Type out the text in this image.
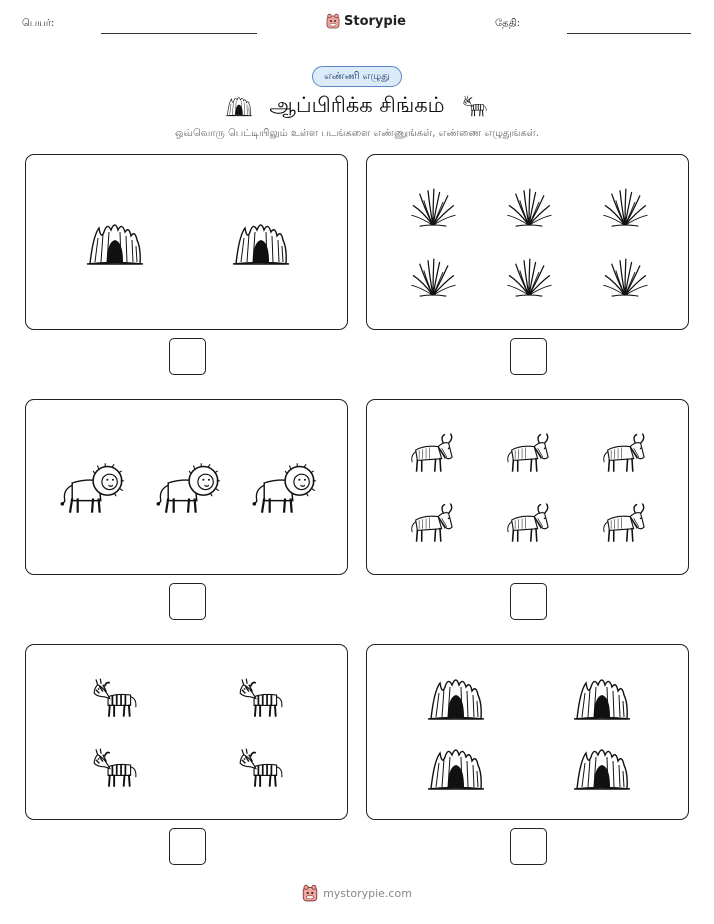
பெயர்:	Storypie	தேதி:
எண்ணி எழுது
ஆப்பிரிக்க சிங்கம்
ஒவ்வொரு பெட்டியிலும் உள்ள படங்களை எண்ணுங்கள், எண்ணை எழுதுங்கள்.
mystorypie.com
